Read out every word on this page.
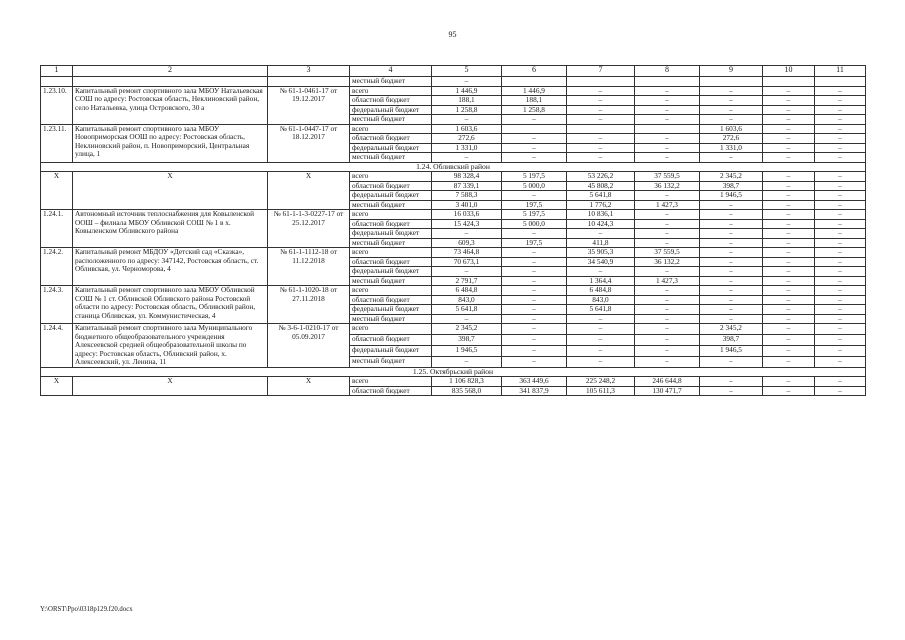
95
1	2	3	4	5	6	7	8	9	10	11
			местный бюджет	–						
1.23.10.	Капитальный ремонт спортивного зала МБОУ Натальевская СОШ по адресу: Ростовская область, Неклиновский район, село Натальевка, улица Островского, 30 а	№ 61-1-0461-17 от 19.12.2017	всего	1 446,9	1 446,9	–	–	–	–	–
			областной бюджет	188,1	188,1	–	–	–	–	–
			федеральный бюджет	1 258,8	1 258,8	–	–	–	–	–
			местный бюджет	–	–	–	–	–	–	–
1.23.11.	Капитальный ремонт спортивного зала МБОУ Новоприморская ООШ по адресу: Ростовская область, Неклиновский район, п. Новоприморский, Центральная улица, 1	№ 61-1-0447-17 от 18.12.2017	всего	1 603,6				1 603,6	–	–
			областной бюджет	272,6	–	–	–	272,6	–	–
			федеральный бюджет	1 331,0	–	–	–	1 331,0	–	–
			местный бюджет	–	–	–	–	–	–	–
1.24. Обливский район										
Х	Х	Х	всего	98 328,4	5 197,5	53 226,2	37 559,5	2 345,2	–	–
			областной бюджет	87 339,1	5 000,0	45 808,2	36 132,2	398,7	–	–
			федеральный бюджет	7 588,3	–	5 641,8	–	1 946,5	–	–
			местный бюджет	3 401,0	197,5	1 776,2	1 427,3	–	–	–
1.24.1.	Автономный источник теплоснабжения для Ковыленской ООШ – филиала МБОУ Обливской СОШ № 1 в х. Ковыленском Обливского района	№ 61-1-1-3-0227-17 от 25.12.2017	всего	16 033,6	5 197,5	10 836,1	–	–	–	–
			областной бюджет	15 424,3	5 000,0	10 424,3	–	–	–	–
			федеральный бюджет	–	–	–	–	–	–	–
			местный бюджет	609,3	197,5	411,8	–	–	–	–
1.24.2.	Капитальный ремонт МБДОУ «Детский сад «Сказка», расположенного по адресу: 347142, Ростовская область, ст. Обливская, ул. Черноморова, 4	№ 61-1-1112-18 от 11.12.2018	всего	73 464,8	–	35 905,3	37 559,5	–	–	–
			областной бюджет	70 673,1	–	34 540,9	36 132,2	–	–	–
			федеральный бюджет	–	–	–	–	–	–	–
			местный бюджет	2 791,7	–	1 364,4	1 427,3	–	–	–
1.24.3.	Капитальный ремонт спортивного зала МБОУ Обливской СОШ № 1 ст. Обливской Обливского района Ростовской области по адресу: Ростовская область, Обливский район, станица Обливская, ул. Коммунистическая, 4	№ 61-1-1020-18 от 27.11.2018	всего	6 484,8	–	6 484,8	–	–	–	–
			областной бюджет	843,0	–	843,0	–	–	–	–
			федеральный бюджет	5 641,8	–	5 641,8	–	–	–	–
			местный бюджет	–	–	–	–	–	–	–
1.24.4.	Капитальный ремонт спортивного зала Муниципального бюджетного общеобразовательного учреждения Алексеевской средней общеобразовательной школы по адресу: Ростовская область, Обливский район, х. Алексеевский, ул. Ленина, 11	№ 3-6-1-0210-17 от 05.09.2017	всего	2 345,2	–	–	–	2 345,2	–	–
			областной бюджет	398,7	–	–	–	398,7	–	–
			федеральный бюджет	1 946,5	–	–	–	1 946,5	–	–
			местный бюджет	–	–	–	–	–	–	–
1.25. Октябрьский район										
Х	Х	Х	всего	1 106 828,3	363 449,6	225 248,2	246 644,8	–	–	–
			областной бюджет	835 568,0	341 837,9	105 611,3	130 471,7	–	–	–
Y:\ORST\Ppo\0318p129.f20.docx
